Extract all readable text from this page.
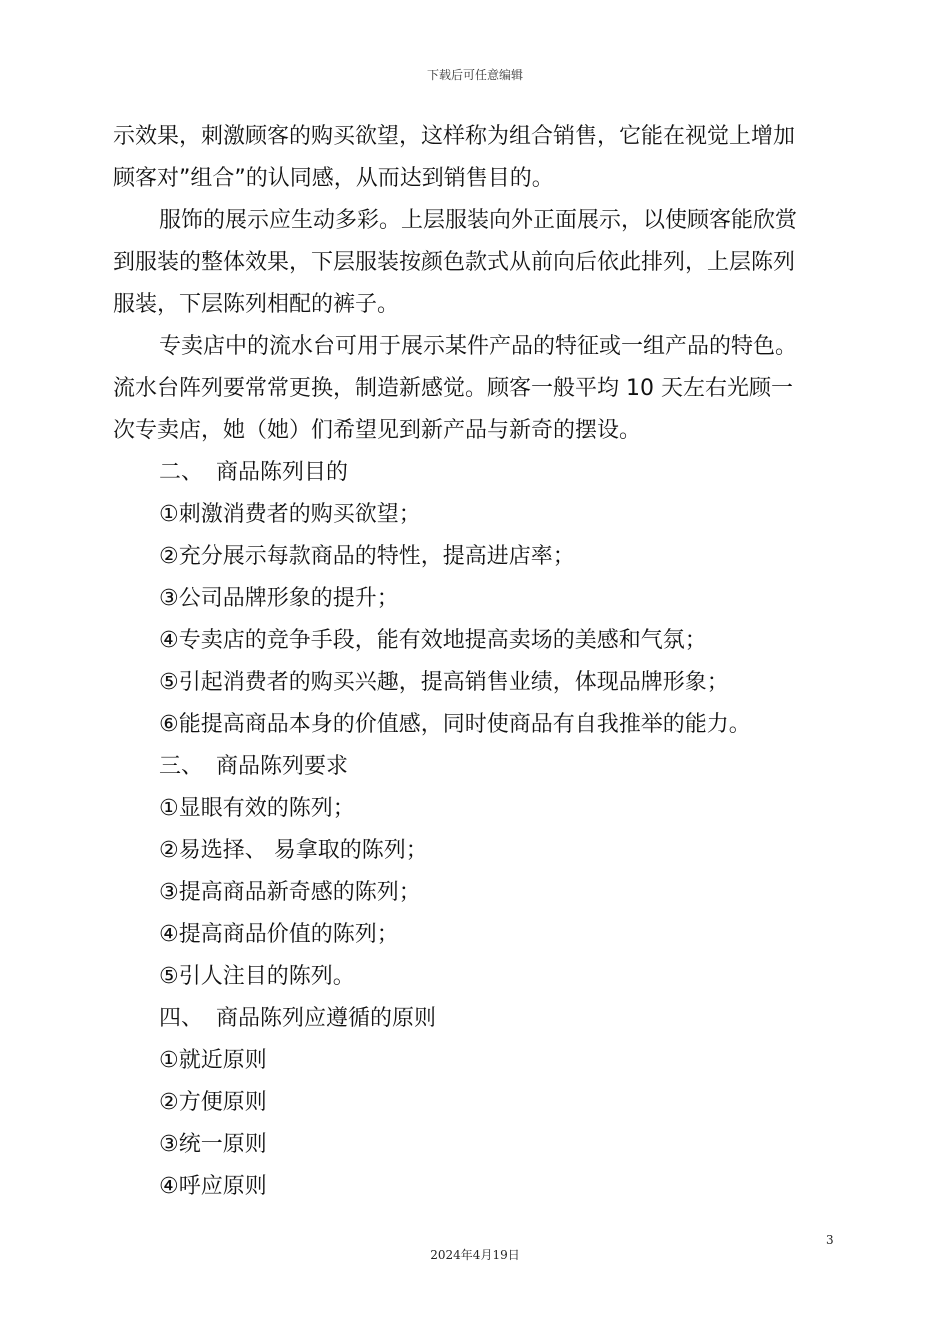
下载后可任意编辑
示效果，刺激顾客的购买欲望，这样称为组合销售，它能在视觉上增加
顾客对”组合”的认同感，从而达到销售目的。
服饰的展示应生动多彩。上层服装向外正面展示，以使顾客能欣赏
到服装的整体效果，下层服装按颜色款式从前向后依此排列，上层陈列
服装，下层陈列相配的裤子。
专卖店中的流水台可用于展示某件产品的特征或一组产品的特色。
流水台阵列要常常更换，制造新感觉。顾客一般平均 10 天左右光顾一
次专卖店，她（她）们希望见到新产品与新奇的摆设。
二、 商品陈列目的
①刺激消费者的购买欲望；
②充分展示每款商品的特性，提高进店率；
③公司品牌形象的提升；
④专卖店的竞争手段，能有效地提高卖场的美感和气氛；
⑤引起消费者的购买兴趣，提高销售业绩，体现品牌形象；
⑥能提高商品本身的价值感，同时使商品有自我推举的能力。
三、 商品陈列要求
①显眼有效的陈列；
②易选择、 易拿取的陈列；
③提高商品新奇感的陈列；
④提高商品价值的陈列；
⑤引人注目的陈列。
四、 商品陈列应遵循的原则
①就近原则
②方便原则
③统一原则
④呼应原则
3
2024年4月19日
